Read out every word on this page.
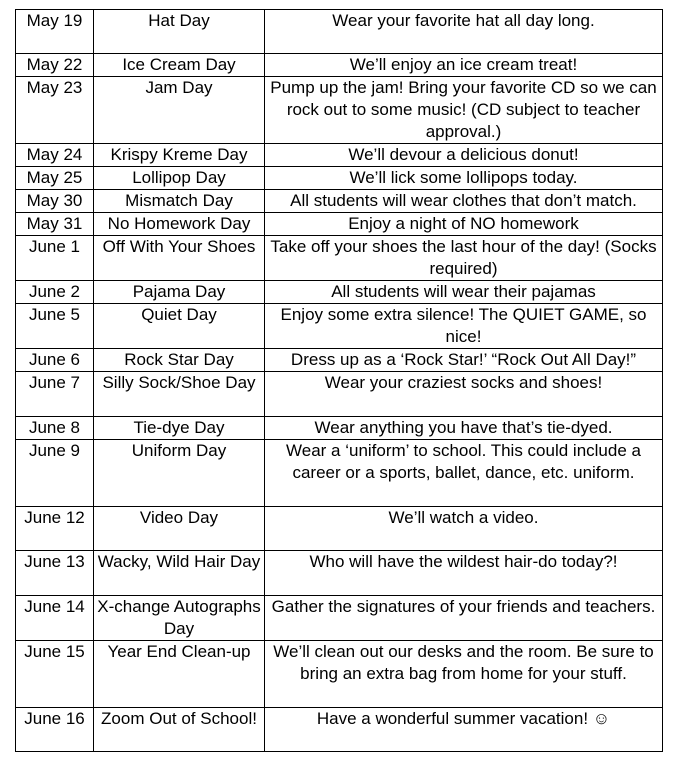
May 19	Hat Day	Wear your favorite hat all day long.
May 22	Ice Cream Day	We’ll enjoy an ice cream treat!
May 23	Jam Day	Pump up the jam! Bring your favorite CD so we can rock out to some music! (CD subject to teacher approval.)
May 24	Krispy Kreme Day	We’ll devour a delicious donut!
May 25	Lollipop Day	We’ll lick some lollipops today.
May 30	Mismatch Day	All students will wear clothes that don’t match.
May 31	No Homework Day	Enjoy a night of NO homework
June 1	Off With Your Shoes	Take off your shoes the last hour of the day! (Socks required)
June 2	Pajama Day	All students will wear their pajamas
June 5	Quiet Day	Enjoy some extra silence! The QUIET GAME, so nice!
June 6	Rock Star Day	Dress up as a ‘Rock Star!’ “Rock Out All Day!”
June 7	Silly Sock/Shoe Day	Wear your craziest socks and shoes!
June 8	Tie-dye Day	Wear anything you have that’s tie-dyed.
June 9	Uniform Day	Wear a ‘uniform’ to school. This could include a career or a sports, ballet, dance, etc. uniform.
June 12	Video Day	We’ll watch a video.
June 13	Wacky, Wild Hair Day	Who will have the wildest hair-do today?!
June 14	X-change Autographs Day	Gather the signatures of your friends and teachers.
June 15	Year End Clean-up	We’ll clean out our desks and the room. Be sure to bring an extra bag from home for your stuff.
June 16	Zoom Out of School!	Have a wonderful summer vacation! ☺
